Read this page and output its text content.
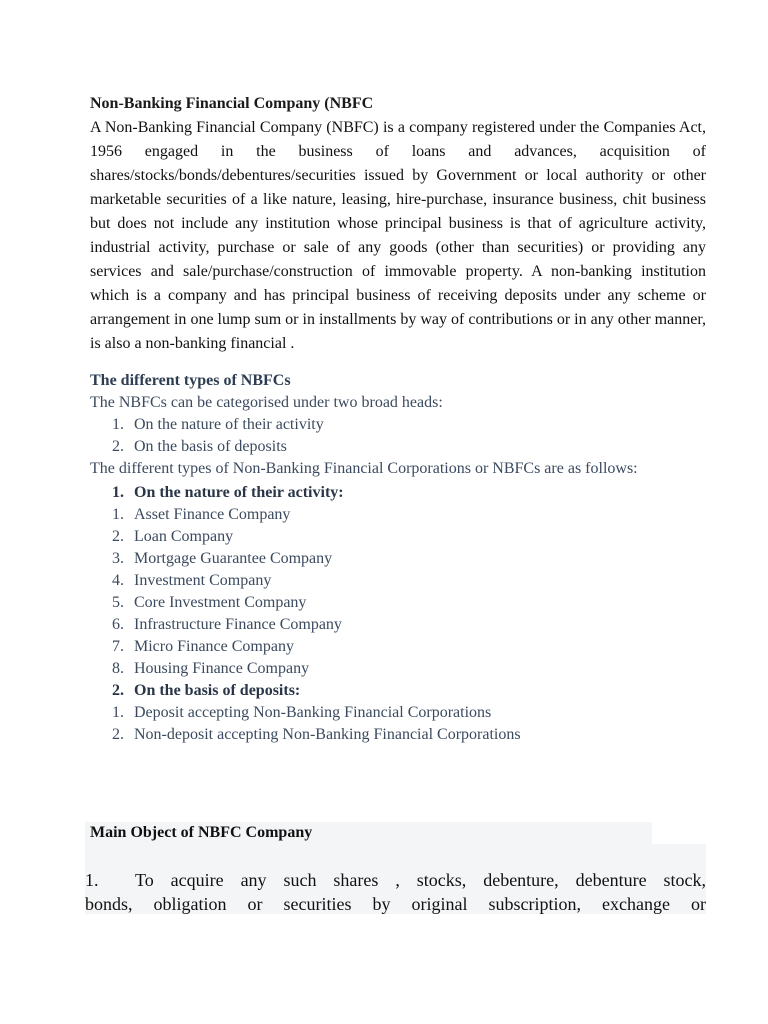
Non-Banking Financial Company (NBFC

A Non-Banking Financial Company (NBFC) is a company registered under the Companies Act, 1956 engaged in the business of loans and advances, acquisition of shares/stocks/bonds/debentures/securities issued by Government or local authority or other marketable securities of a like nature, leasing, hire-purchase, insurance business, chit business but does not include any institution whose principal business is that of agriculture activity, industrial activity, purchase or sale of any goods (other than securities) or providing any services and sale/purchase/construction of immovable property. A non-banking institution which is a company and has principal business of receiving deposits under any scheme or arrangement in one lump sum or in installments by way of contributions or in any other manner, is also a non-banking financial .

The different types of NBFCs

The NBFCs can be categorised under two broad heads:

1. On the nature of their activity
2. On the basis of deposits

The different types of Non-Banking Financial Corporations or NBFCs are as follows:

1. On the nature of their activity:
1. Asset Finance Company
2. Loan Company
3. Mortgage Guarantee Company
4. Investment Company
5. Core Investment Company
6. Infrastructure Finance Company
7. Micro Finance Company
8. Housing Finance Company
2. On the basis of deposits:
1. Deposit accepting Non-Banking Financial Corporations
2. Non-deposit accepting Non-Banking Financial Corporations
Main Object of NBFC Company
1.	To acquire any such shares , stocks, debenture, debenture stock,
bonds, obligation or securities by original subscription, exchange or
